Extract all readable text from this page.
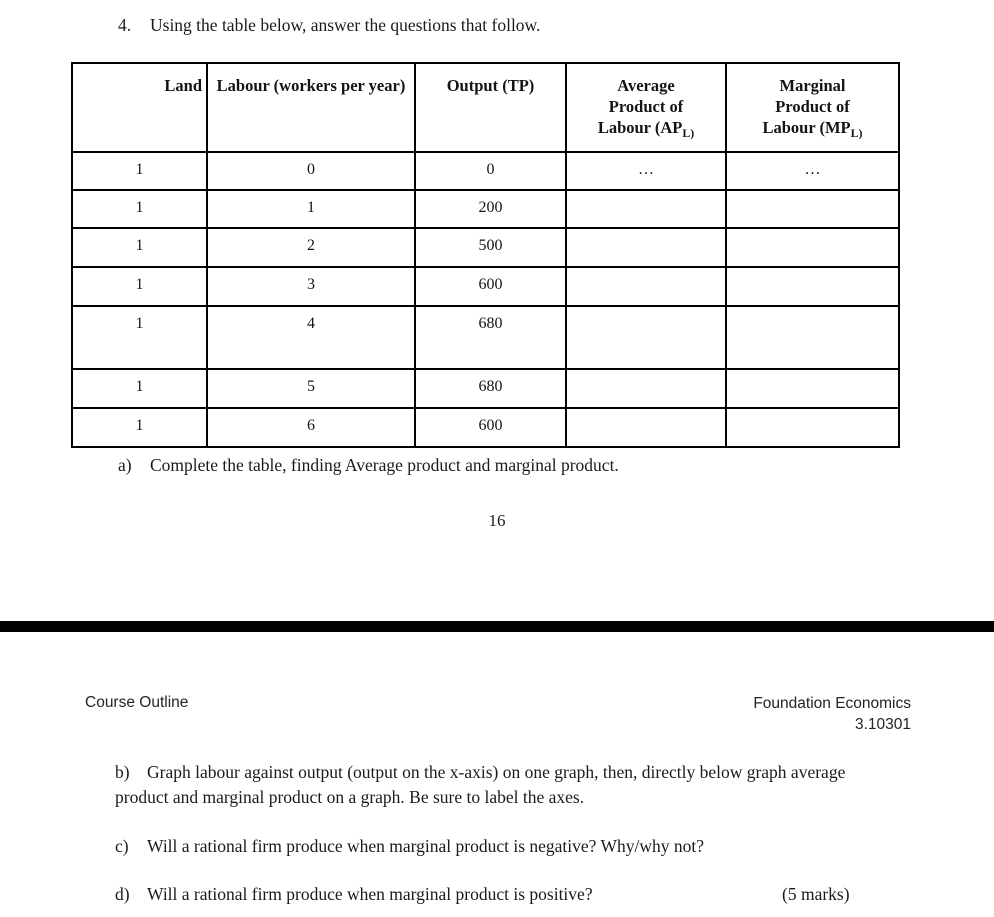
4. Using the table below, answer the questions that follow.
Land	Labour (workers per year)	Output (TP)	Average
Product of
Labour ($AP_{L)}$	Marginal
Product of
Labour ($MP_{L)}$
1	0	0	…	…
1	1	200		
1	2	500		
1	3	600		
1	4	680		
1	5	680		
1	6	600		
a) Complete the table, finding Average product and marginal product.
16
Course Outline	Foundation Economics
3.10301
b) Graph labour against output (output on the x-axis) on one graph, then, directly below graph average product and marginal product on a graph. Be sure to label the axes.
c)	Will a rational firm produce when marginal product is negative? Why/why not?
d) Will a rational firm produce when marginal product is positive?	(5 marks)
